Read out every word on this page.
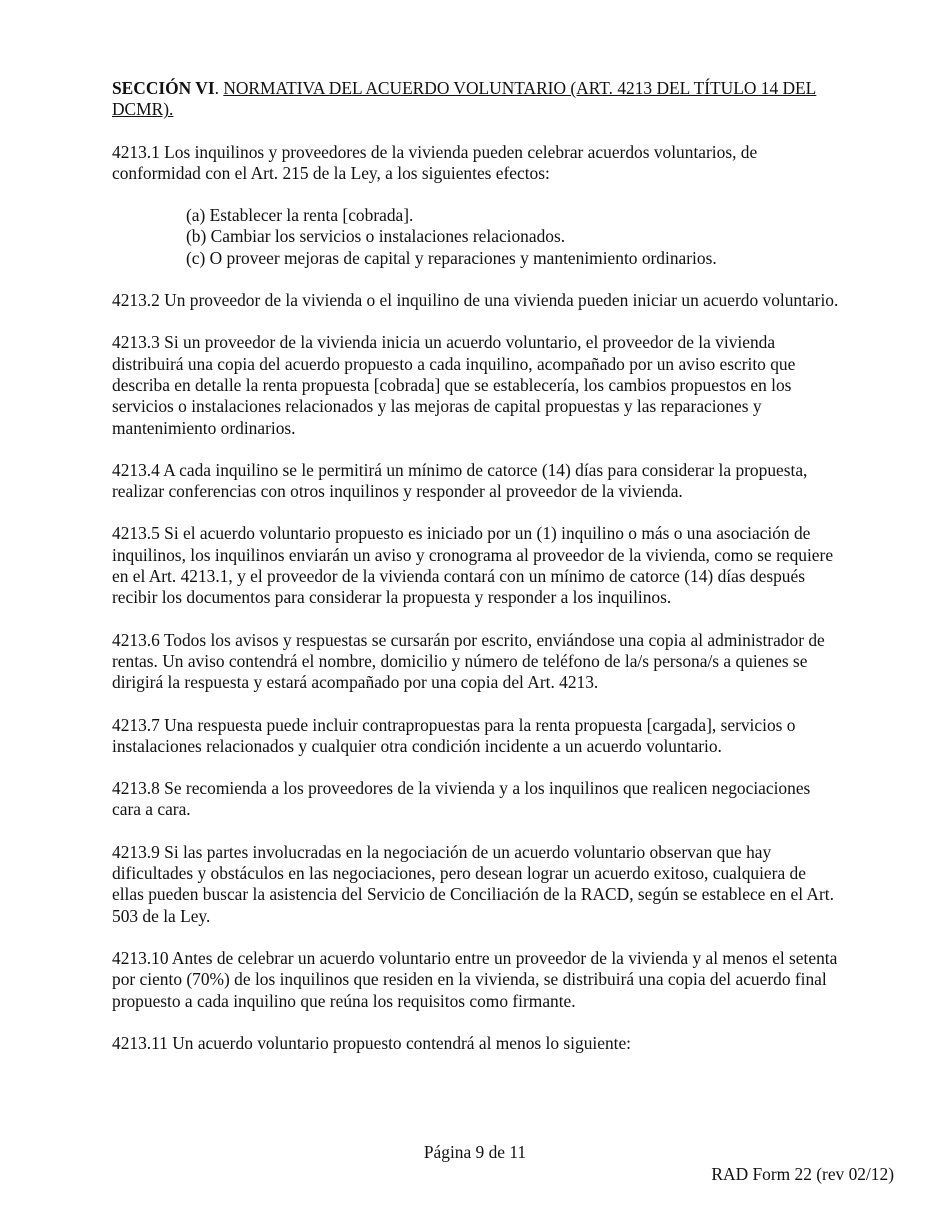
SECCIÓN VI. NORMATIVA DEL ACUERDO VOLUNTARIO (ART. 4213 DEL TÍTULO 14 DEL DCMR).

4213.1 Los inquilinos y proveedores de la vivienda pueden celebrar acuerdos voluntarios, de conformidad con el Art. 215 de la Ley, a los siguientes efectos:

(a) Establecer la renta [cobrada].
(b) Cambiar los servicios o instalaciones relacionados.
(c) O proveer mejoras de capital y reparaciones y mantenimiento ordinarios.

4213.2 Un proveedor de la vivienda o el inquilino de una vivienda pueden iniciar un acuerdo voluntario.

4213.3 Si un proveedor de la vivienda inicia un acuerdo voluntario, el proveedor de la vivienda distribuirá una copia del acuerdo propuesto a cada inquilino, acompañado por un aviso escrito que describa en detalle la renta propuesta [cobrada] que se establecería, los cambios propuestos en los servicios o instalaciones relacionados y las mejoras de capital propuestas y las reparaciones y mantenimiento ordinarios.

4213.4 A cada inquilino se le permitirá un mínimo de catorce (14) días para considerar la propuesta, realizar conferencias con otros inquilinos y responder al proveedor de la vivienda.

4213.5 Si el acuerdo voluntario propuesto es iniciado por un (1) inquilino o más o una asociación de inquilinos, los inquilinos enviarán un aviso y cronograma al proveedor de la vivienda, como se requiere en el Art. 4213.1, y el proveedor de la vivienda contará con un mínimo de catorce (14) días después recibir los documentos para considerar la propuesta y responder a los inquilinos.

4213.6 Todos los avisos y respuestas se cursarán por escrito, enviándose una copia al administrador de rentas. Un aviso contendrá el nombre, domicilio y número de teléfono de la/s persona/s a quienes se dirigirá la respuesta y estará acompañado por una copia del Art. 4213.

4213.7 Una respuesta puede incluir contrapropuestas para la renta propuesta [cargada], servicios o instalaciones relacionados y cualquier otra condición incidente a un acuerdo voluntario.

4213.8 Se recomienda a los proveedores de la vivienda y a los inquilinos que realicen negociaciones cara a cara.

4213.9 Si las partes involucradas en la negociación de un acuerdo voluntario observan que hay dificultades y obstáculos en las negociaciones, pero desean lograr un acuerdo exitoso, cualquiera de ellas pueden buscar la asistencia del Servicio de Conciliación de la RACD, según se establece en el Art. 503 de la Ley.

4213.10 Antes de celebrar un acuerdo voluntario entre un proveedor de la vivienda y al menos el setenta por ciento (70%) de los inquilinos que residen en la vivienda, se distribuirá una copia del acuerdo final propuesto a cada inquilino que reúna los requisitos como firmante.

4213.11 Un acuerdo voluntario propuesto contendrá al menos lo siguiente:

Página 9 de 11
RAD Form 22 (rev 02/12)
